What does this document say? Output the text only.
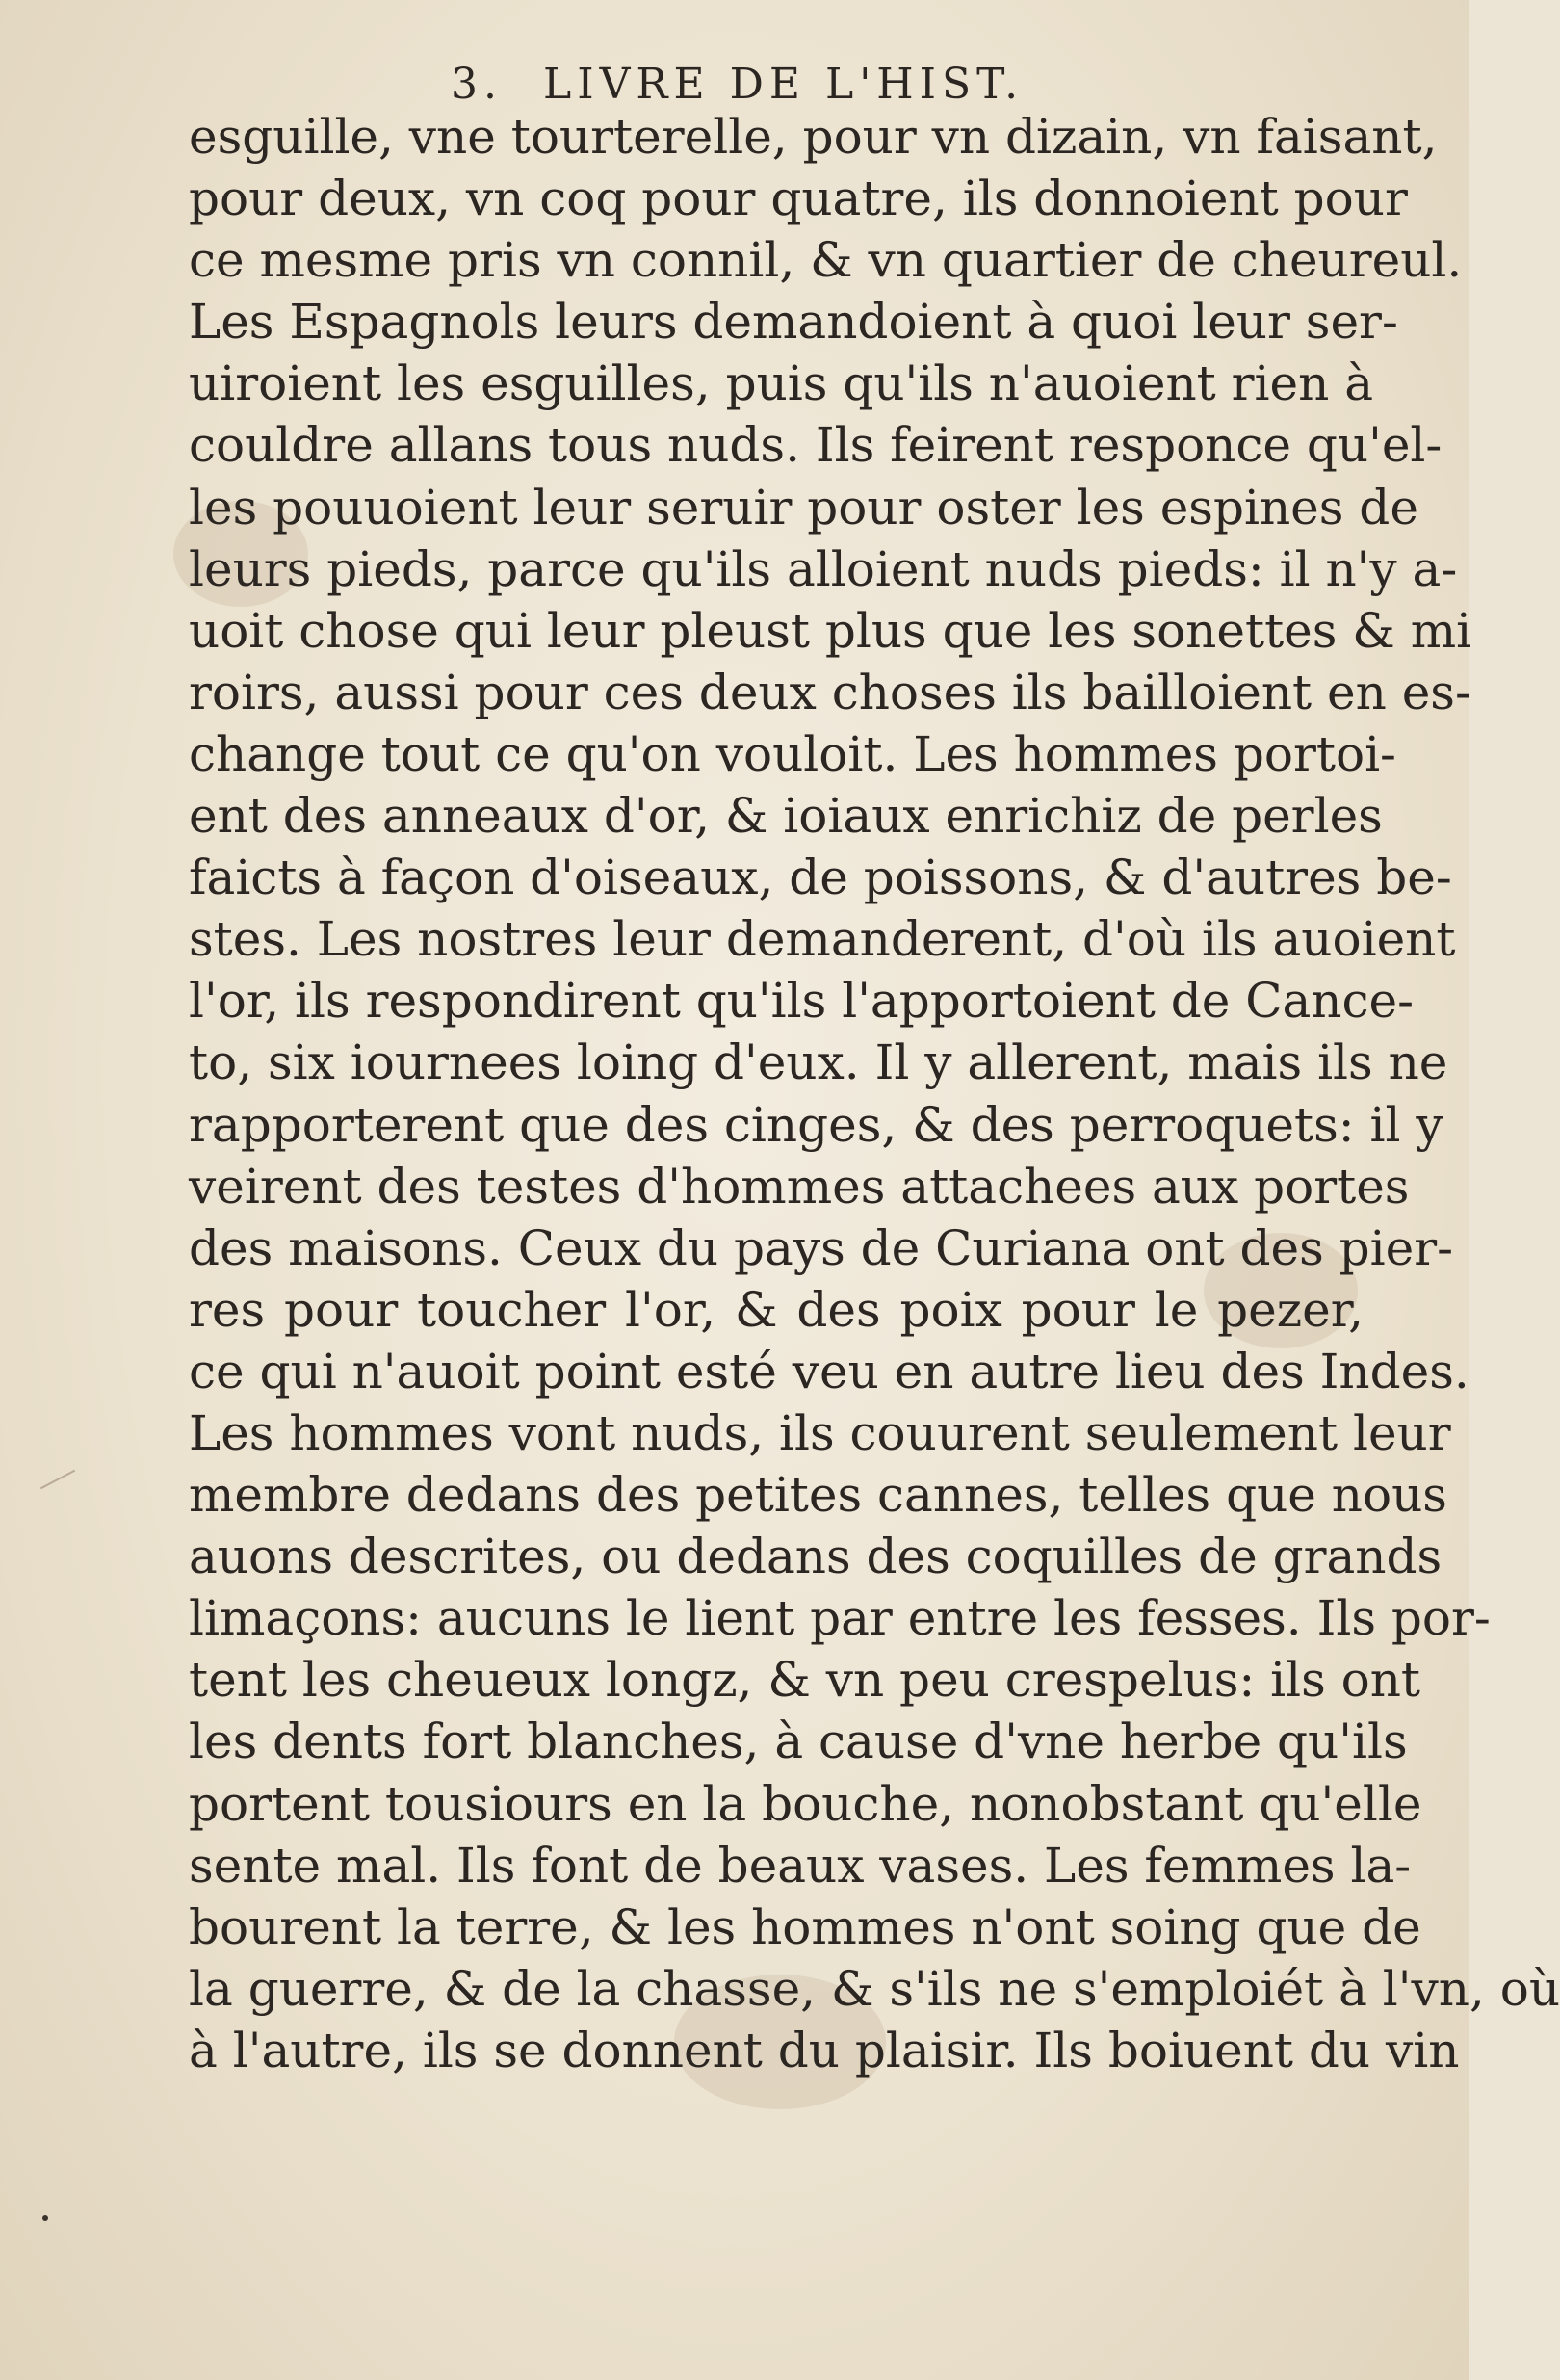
3. LIVRE DE L'HIST.
esguille, vne tourterelle, pour vn dizain, vn faisant,
pour deux, vn coq pour quatre, ils donnoient pour
ce mesme pris vn connil, & vn quartier de cheureul.
Les Espagnols leurs demandoient à quoi leur ser-
uiroient les esguilles, puis qu'ils n'auoient rien à
couldre allans tous nuds. Ils feirent responce qu'el-
les pouuoient leur seruir pour oster les espines de
leurs pieds, parce qu'ils alloient nuds pieds: il n'y a-
uoit chose qui leur pleust plus que les sonettes & mi
roirs, aussi pour ces deux choses ils bailloient en es-
change tout ce qu'on vouloit. Les hommes portoi-
ent des anneaux d'or, & ioiaux enrichiz de perles
faicts à façon d'oiseaux, de poissons, & d'autres be-
stes. Les nostres leur demanderent, d'où ils auoient
l'or, ils respondirent qu'ils l'apportoient de Cance-
to, six iournees loing d'eux. Il y allerent, mais ils ne
rapporterent que des cinges, & des perroquets: il y
veirent des testes d'hommes attachees aux portes
des maisons. Ceux du pays de Curiana ont des pier-
res pour toucher l'or, & des poix pour le pezer,
ce qui n'auoit point esté veu en autre lieu des Indes.
Les hommes vont nuds, ils couurent seulement leur
membre dedans des petites cannes, telles que nous
auons descrites, ou dedans des coquilles de grands
limaçons: aucuns le lient par entre les fesses. Ils por-
tent les cheueux longz, & vn peu crespelus: ils ont
les dents fort blanches, à cause d'vne herbe qu'ils
portent tousiours en la bouche, nonobstant qu'elle
sente mal. Ils font de beaux vases. Les femmes la-
bourent la terre, & les hommes n'ont soing que de
la guerre, & de la chasse, & s'ils ne s'emploiét à l'vn, où
à l'autre, ils se donnent du plaisir. Ils boiuent du vin
